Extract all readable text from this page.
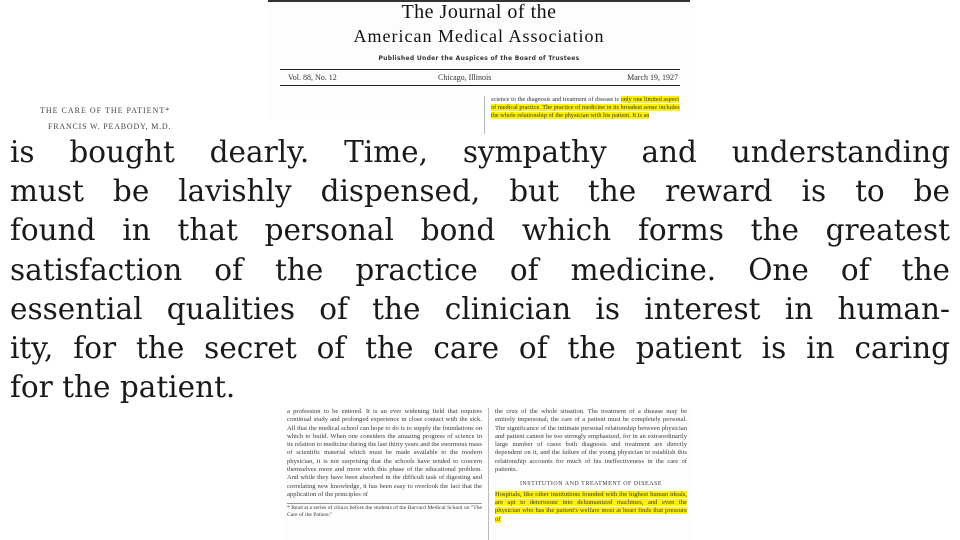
The Journal of the
American Medical Association
Published Under the Auspices of the Board of Trustees
Vol. 88, No. 12	Chicago, Illinois	March 19, 1927
THE CARE OF THE PATIENT*
FRANCIS W. PEABODY, M.D.
science to the diagnosis and treatment of disease is only one limited aspect of medical practice. The practice of medicine in its broadest sense includes the whole relationship of the physician with his patient. It is an
is bought dearly. Time, sympathy and understanding
must be lavishly dispensed, but the reward is to be
found in that personal bond which forms the greatest
satisfaction of the practice of medicine. One of the
essential qualities of the clinician is interest in human-
ity, for the secret of the care of the patient is in caring
for the patient.

a profession to be entered. It is an ever widening field that requires continual study and prolonged experience in close contact with the sick. All that the medical school can hope to do is to supply the foundations on which to build. When one considers the amazing progress of science in its relation to medicine during the last thirty years and the enormous mass of scientific material which must be made available to the modern physician, it is not surprising that the schools have tended to concern themselves more and more with this phase of the educational problem. And while they have been absorbed in the difficult task of digesting and correlating new knowledge, it has been easy to overlook the fact that the application of the principles of

* Read at a series of clinics before the students of the Harvard Medical School on "The Care of the Patient."

the crux of the whole situation. The treatment of a disease may be entirely impersonal; the care of a patient must be completely personal. The significance of the intimate personal relationship between physician and patient cannot be too strongly emphasized, for in an extraordinarily large number of cases both diagnosis and treatment are directly dependent on it, and the failure of the young physician to establish this relationship accounts for much of his ineffectiveness in the care of patients.

INSTITUTION AND TREATMENT OF DISEASE

Hospitals, like other institutions founded with the highest human ideals, are apt to deteriorate into dehumanized machines, and even the physician who has the patient's welfare most at heart finds that pressure of
